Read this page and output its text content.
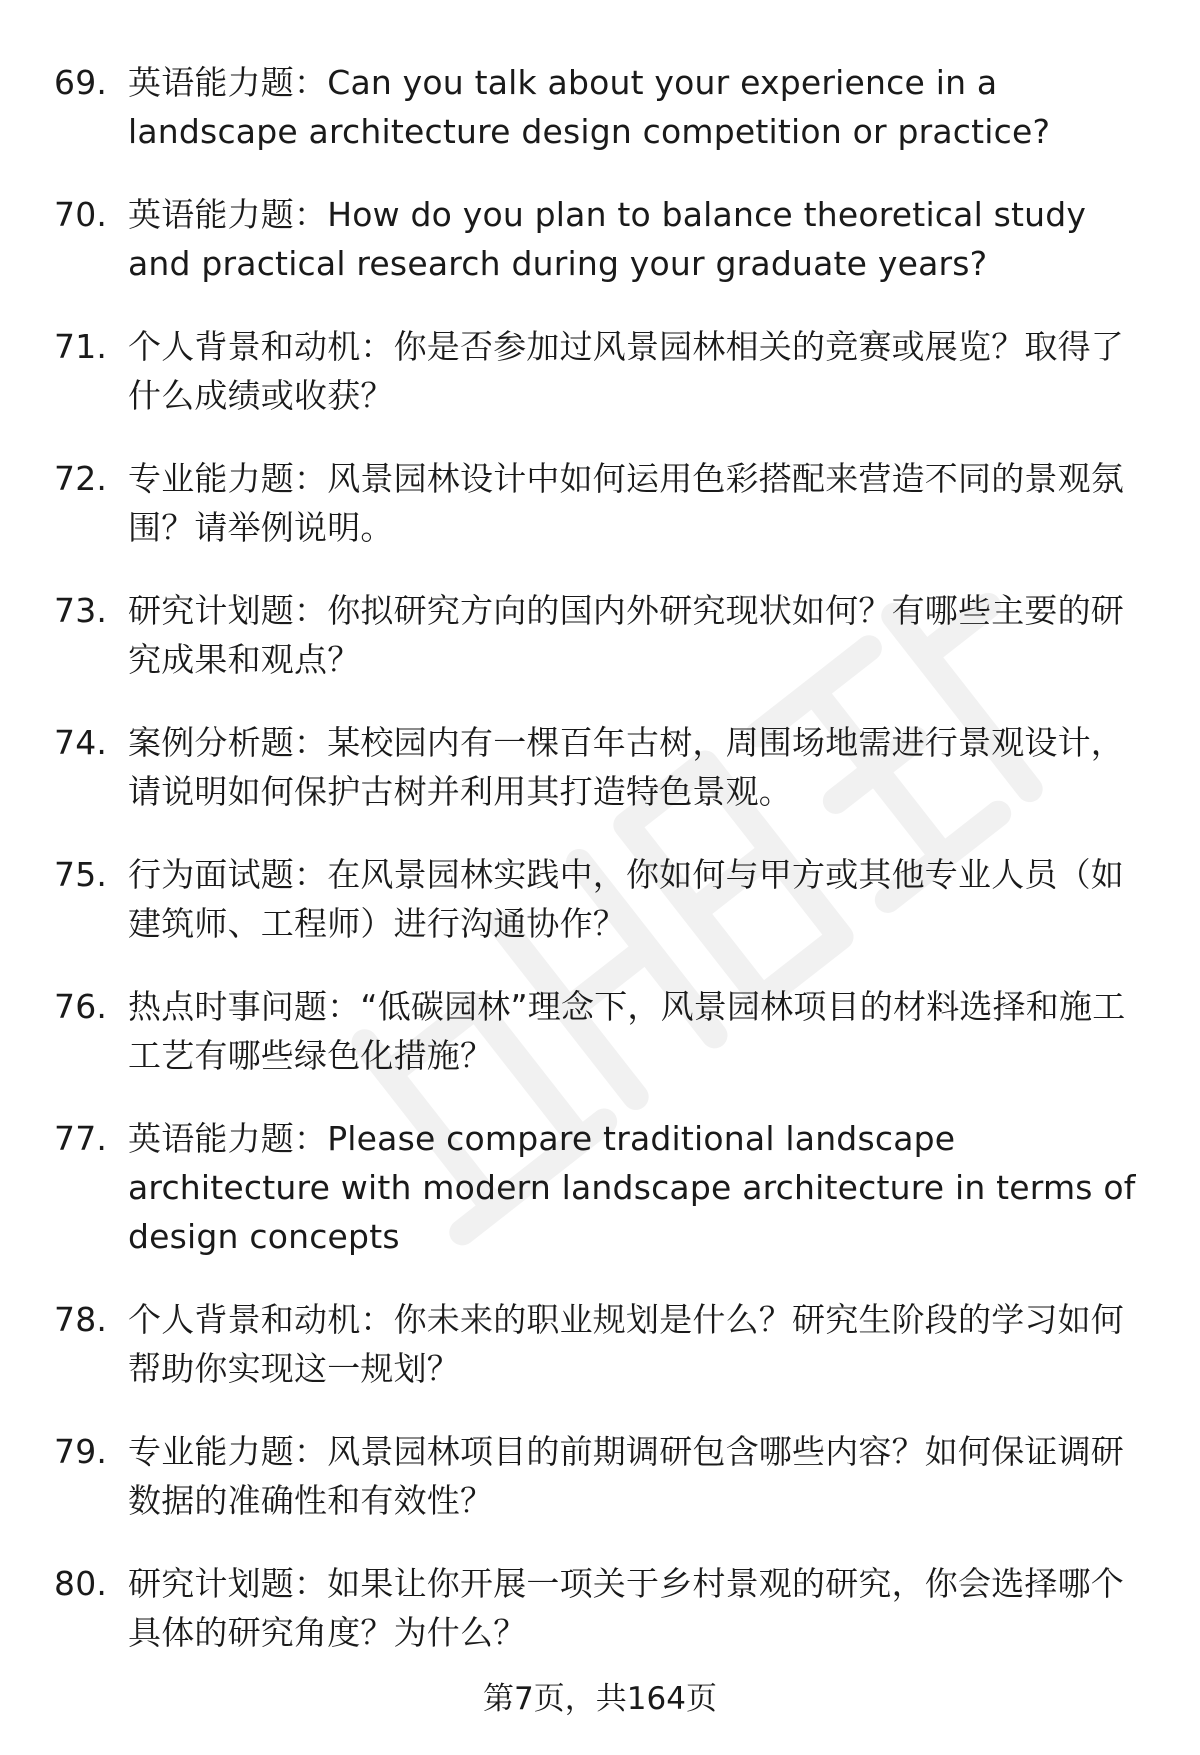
69. 英语能力题：Can you talk about your experience in a landscape architecture design competition or practice?
70. 英语能力题：How do you plan to balance theoretical study and practical research during your graduate years?
71. 个人背景和动机：你是否参加过风景园林相关的竞赛或展览？取得了什么成绩或收获？
72. 专业能力题：风景园林设计中如何运用色彩搭配来营造不同的景观氛围？请举例说明。
73. 研究计划题：你拟研究方向的国内外研究现状如何？有哪些主要的研究成果和观点？
74. 案例分析题：某校园内有一棵百年古树，周围场地需进行景观设计，请说明如何保护古树并利用其打造特色景观。
75. 行为面试题：在风景园林实践中，你如何与甲方或其他专业人员（如建筑师、工程师）进行沟通协作？
76. 热点时事问题：“低碳园林”理念下，风景园林项目的材料选择和施工工艺有哪些绿色化措施？
77. 英语能力题：Please compare traditional landscape architecture with modern landscape architecture in terms of design concepts
78. 个人背景和动机：你未来的职业规划是什么？研究生阶段的学习如何帮助你实现这一规划？
79. 专业能力题：风景园林项目的前期调研包含哪些内容？如何保证调研数据的准确性和有效性？
80. 研究计划题：如果让你开展一项关于乡村景观的研究，你会选择哪个具体的研究角度？为什么？
第7页，共164页
